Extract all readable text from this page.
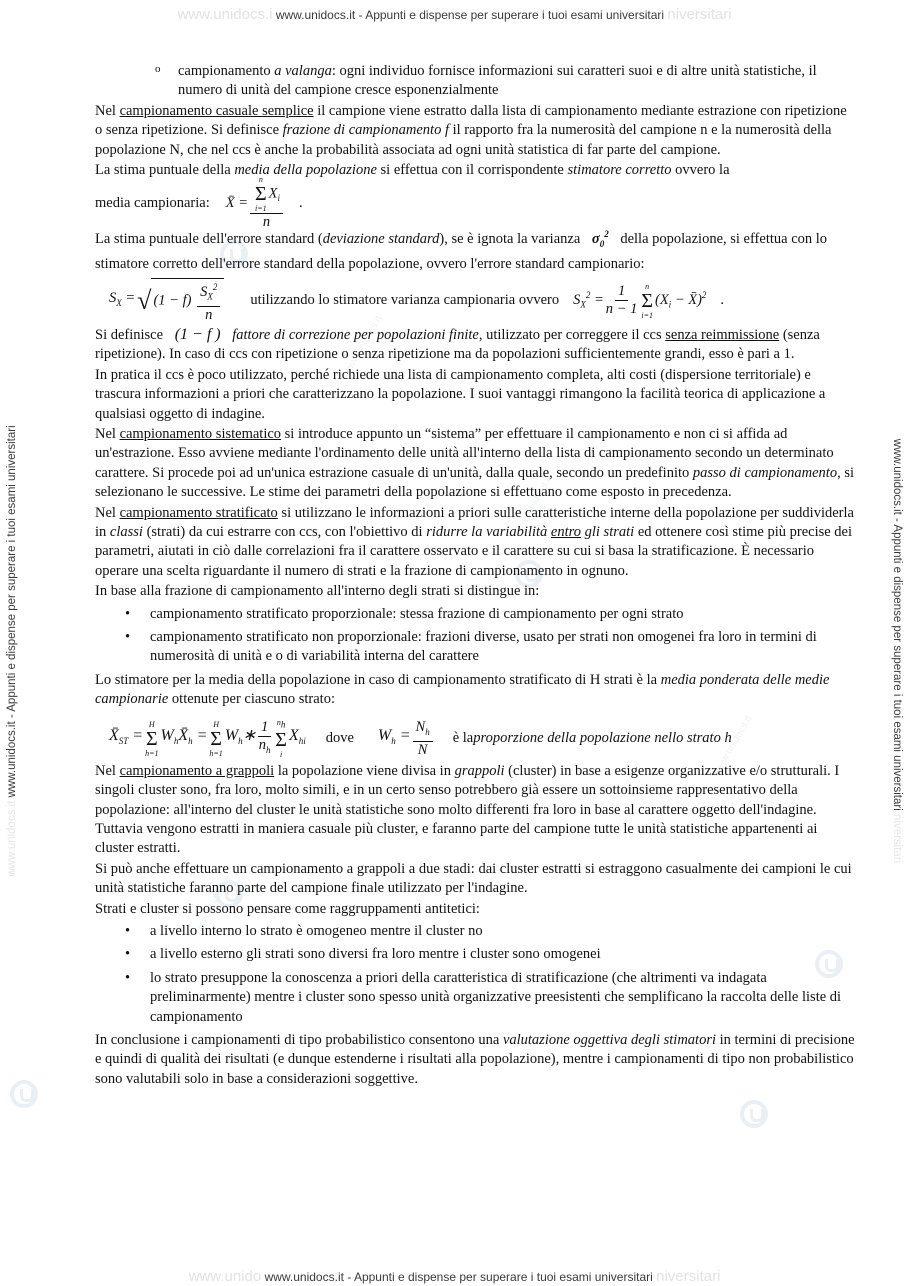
www.unidocs.i www.unidocs.it - Appunti e dispense per superare i tuoi esami universitari niversitari
www.unido www.unidocs.it - Appunti e dispense per superare i tuoi esami universitari niversitari
www.unidocs.it www.unidocs.it - Appunti e dispense per superare i tuoi esami universitari	www.unidocs.it - Appunti e dispense per superare i tuoi esami universitari niversitari
www.unidocs.it
www.unidocs.it
www.unidocs.it
www.unidocs.it
o campionamento a valanga: ogni individuo fornisce informazioni sui caratteri suoi e di altre unità statistiche, il numero di unità del campione cresce esponenzialmente

Nel campionamento casuale semplice il campione viene estratto dalla lista di campionamento mediante estrazione con ripetizione o senza ripetizione. Si definisce frazione di campionamento f il rapporto fra la numerosità del campione n e la numerosità della popolazione N, che nel ccs è anche la probabilità associata ad ogni unità statistica di far parte del campione.

La stima puntuale della media della popolazione si effettua con il corrispondente stimatore corretto ovvero la

media campionaria: X̄ = n
Σ
i=1
$X_i$
n .

La stima puntuale dell'errore standard (deviazione standard), se è ignota la varianza $\sigma_0^2$ della popolazione, si effettua con lo stimatore corretto dell'errore standard della popolazione, ovvero l'errore standard campionario:

$S_X$ = √ $(1 - f) \frac{S_X^2}{n}$ utilizzando lo stimatore varianza campionaria ovvero $S_X^2 = \frac{1}{n - 1}$ n
Σ
i=1
($X_i$ − X̄)$^2$ .

Si definisce (1 − f ) fattore di correzione per popolazioni finite, utilizzato per correggere il ccs senza reimmissione (senza ripetizione). In caso di ccs con ripetizione o senza ripetizione ma da popolazioni sufficientemente grandi, esso è pari a 1.

In pratica il ccs è poco utilizzato, perché richiede una lista di campionamento completa, alti costi (dispersione territoriale) e trascura informazioni a priori che caratterizzano la popolazione. I suoi vantaggi rimangono la facilità teorica di applicazione a qualsiasi oggetto di indagine.

Nel campionamento sistematico si introduce appunto un “sistema” per effettuare il campionamento e non ci si affida ad un'estrazione. Esso avviene mediante l'ordinamento delle unità all'interno della lista di campionamento secondo un determinato carattere. Si procede poi ad un'unica estrazione casuale di un'unità, dalla quale, secondo un predefinito passo di campionamento, si selezionano le successive. Le stime dei parametri della popolazione si effettuano come esposto in precedenza.

Nel campionamento stratificato si utilizzano le informazioni a priori sulle caratteristiche interne della popolazione per suddividerla in classi (strati) da cui estrarre con ccs, con l'obiettivo di ridurre la variabilità entro gli strati ed ottenere così stime più precise dei parametri, aiutati in ciò dalle correlazioni fra il carattere osservato e il carattere su cui si basa la stratificazione. È necessario operare una scelta riguardante il numero di strati e la frazione di campionamento in ognuno.

In base alla frazione di campionamento all'interno degli strati si distingue in:

• campionamento stratificato proporzionale: stessa frazione di campionamento per ogni strato
• campionamento stratificato non proporzionale: frazioni diverse, usato per strati non omogenei fra loro in termini di numerosità di unità e o di variabilità interna del carattere

Lo stimatore per la media della popolazione in caso di campionamento stratificato di H strati è la media ponderata delle medie campionarie ottenute per ciascuno strato:

$X̄_{ST}$ =
H
Σ
h=1
$W_hX̄_h$ =
H
Σ
h=1
$W_h∗ \frac{1}{n_h} n_h$
Σ
i
$X_{hi}$ dove $W_h = \frac{N_h}{N}$ è la proporzione della popolazione nello strato h

Nel campionamento a grappoli la popolazione viene divisa in grappoli (cluster) in base a esigenze organizzative e/o strutturali. I singoli cluster sono, fra loro, molto simili, e in un certo senso potrebbero già essere un sottoinsieme rappresentativo della popolazione: all'interno del cluster le unità statistiche sono molto differenti fra loro in base al carattere oggetto dell'indagine. Tuttavia vengono estratti in maniera casuale più cluster, e faranno parte del campione tutte le unità statistiche appartenenti ai cluster estratti.

Si può anche effettuare un campionamento a grappoli a due stadi: dai cluster estratti si estraggono casualmente dei campioni le cui unità statistiche faranno parte del campione finale utilizzato per l'indagine.

Strati e cluster si possono pensare come raggruppamenti antitetici:

• a livello interno lo strato è omogeneo mentre il cluster no
• a livello esterno gli strati sono diversi fra loro mentre i cluster sono omogenei
• lo strato presuppone la conoscenza a priori della caratteristica di stratificazione (che altrimenti va indagata preliminarmente) mentre i cluster sono spesso unità organizzative preesistenti che semplificano la raccolta delle liste di campionamento

In conclusione i campionamenti di tipo probabilistico consentono una valutazione oggettiva degli stimatori in termini di precisione e quindi di qualità dei risultati (e dunque estenderne i risultati alla popolazione), mentre i campionamenti di tipo non probabilistico sono valutabili solo in base a considerazioni soggettive.
